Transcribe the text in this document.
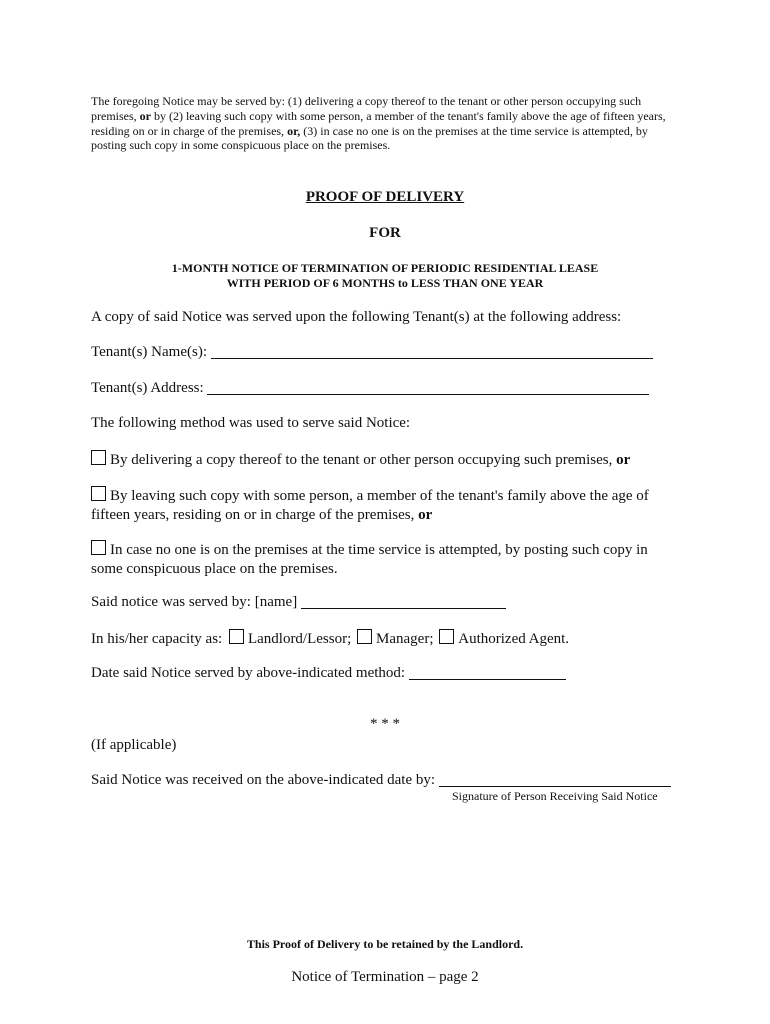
The foregoing Notice may be served by: (1) delivering a copy thereof to the tenant or other person occupying such premises, or by (2) leaving such copy with some person, a member of the tenant's family above the age of fifteen years, residing on or in charge of the premises, or, (3) in case no one is on the premises at the time service is attempted, by posting such copy in some conspicuous place on the premises.
PROOF OF DELIVERY
FOR
1-MONTH NOTICE OF TERMINATION OF PERIODIC RESIDENTIAL LEASE
WITH PERIOD OF 6 MONTHS to LESS THAN ONE YEAR
A copy of said Notice was served upon the following Tenant(s) at the following address:
Tenant(s) Name(s):
Tenant(s) Address:
The following method was used to serve said Notice:
By delivering a copy thereof to the tenant or other person occupying such premises, or
By leaving such copy with some person, a member of the tenant's family above the age of fifteen years, residing on or in charge of the premises, or
In case no one is on the premises at the time service is attempted, by posting such copy in some conspicuous place on the premises.
Said notice was served by: [name]
In his/her capacity as: Landlord/Lessor; Manager; Authorized Agent.
Date said Notice served by above-indicated method:
* * *
(If applicable)
Said Notice was received on the above-indicated date by:
Signature of Person Receiving Said Notice
This Proof of Delivery to be retained by the Landlord.
Notice of Termination – page 2
